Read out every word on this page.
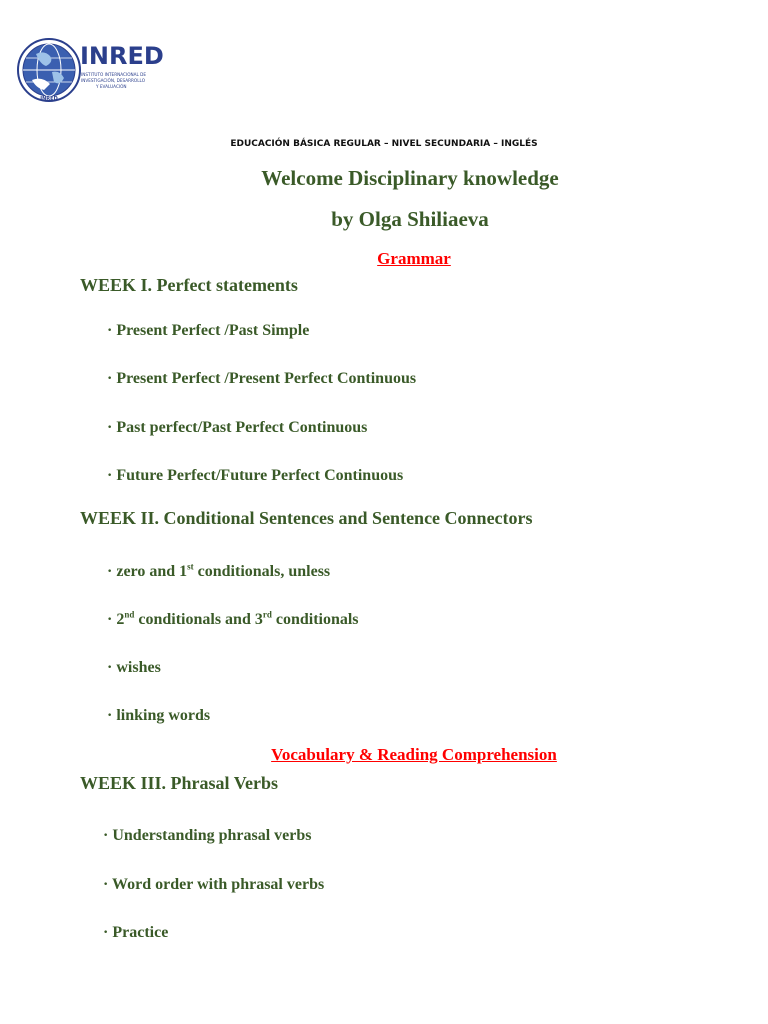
INRED
INRED
INSTITUTO INTERNACIONAL DE
INVESTIGACIÓN, DESARROLLO
Y EVALUACIÓN
EDUCACIÓN BÁSICA REGULAR – NIVEL SECUNDARIA – INGLÉS
Welcome Disciplinary knowledge
by Olga Shiliaeva
Grammar
WEEK I. Perfect statements
· Present Perfect /Past Simple
· Present Perfect /Present Perfect Continuous
· Past perfect/Past Perfect Continuous
· Future Perfect/Future Perfect Continuous
WEEK II. Conditional Sentences and Sentence Connectors
· zero and 1st conditionals, unless
· 2nd conditionals and 3rd conditionals
· wishes
· linking words
Vocabulary & Reading Comprehension
WEEK III. Phrasal Verbs
· Understanding phrasal verbs
· Word order with phrasal verbs
· Practice
